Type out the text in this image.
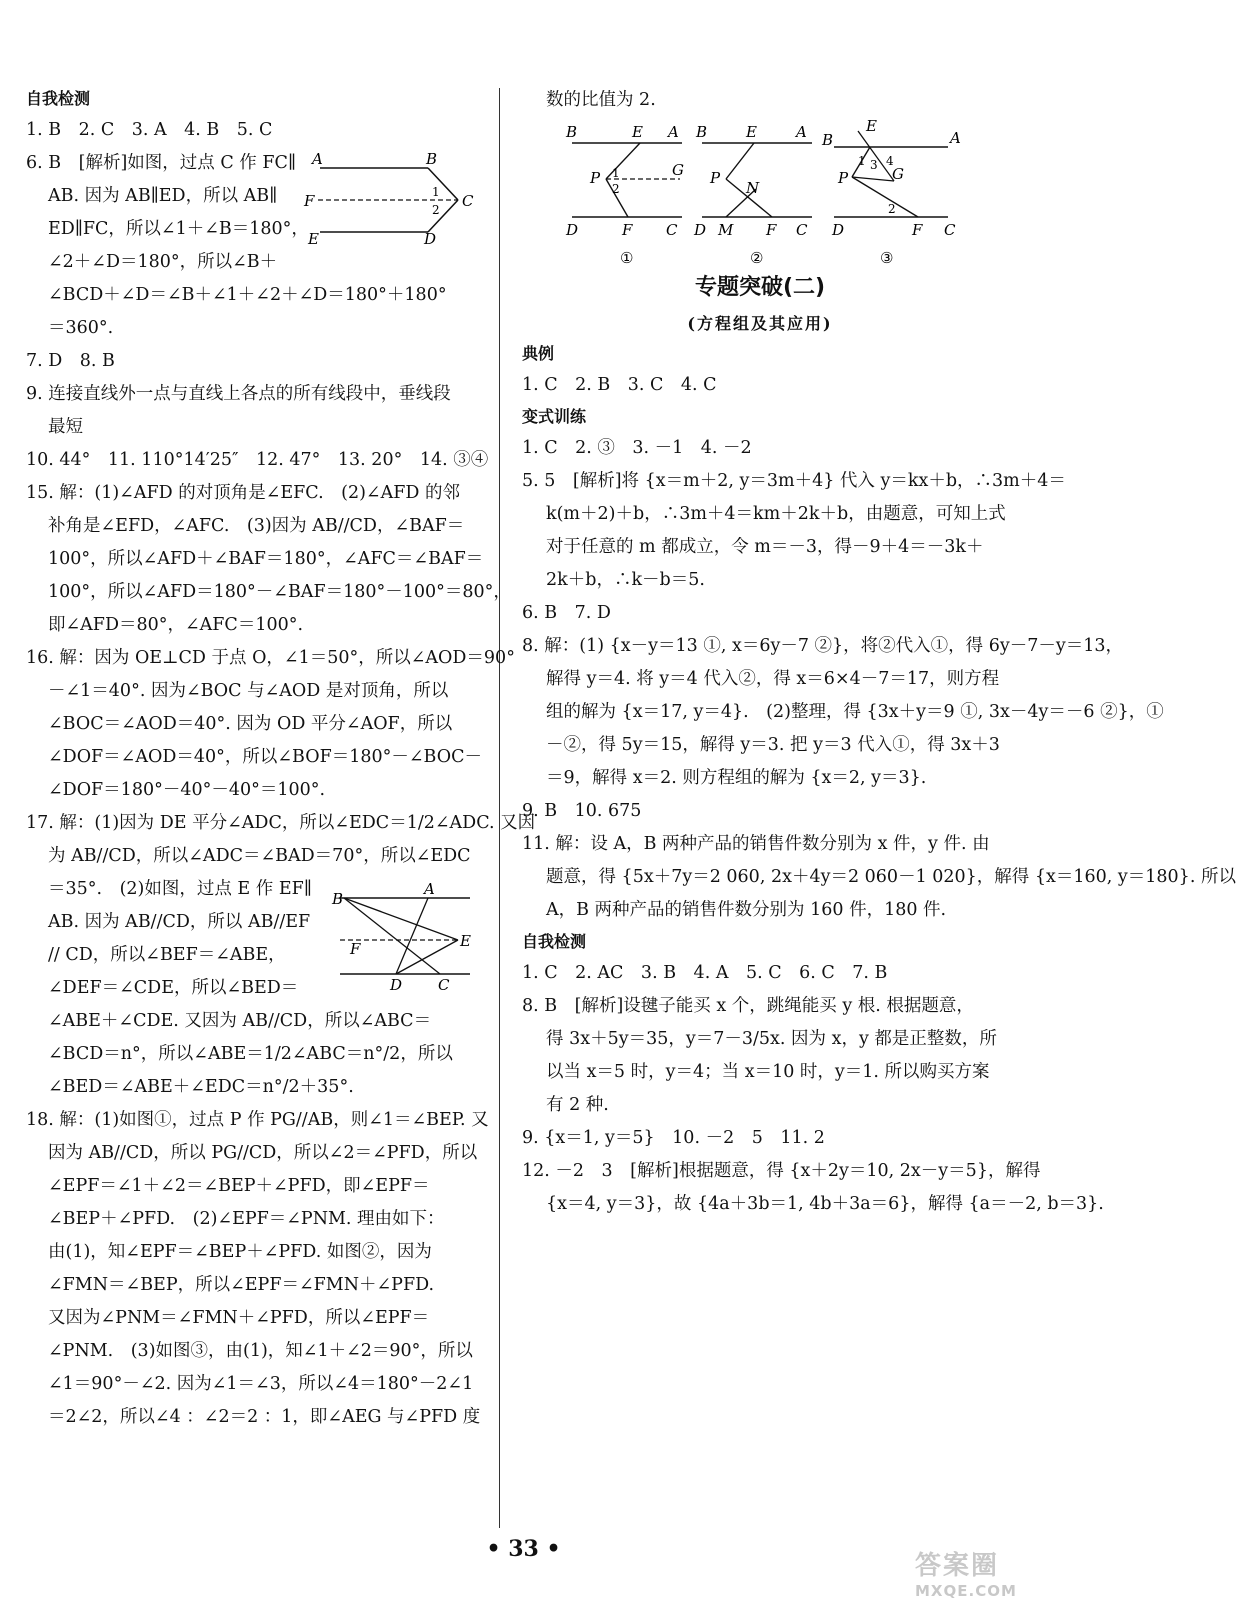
自我检测
1. B　2. C　3. A　4. B　5. C
6. B　[解析]如图，过点 C 作 FC∥
AB. 因为 AB∥ED，所以 AB∥
ED∥FC，所以∠1＋∠B＝180°，
∠2＋∠D＝180°，所以∠B＋
∠BCD＋∠D＝∠B＋∠1＋∠2＋∠D＝180°＋180°
＝360°.
7. D　8. B
9. 连接直线外一点与直线上各点的所有线段中，垂线段
最短
10. 44°　11. 110°14′25″　12. 47°　13. 20°　14. ③④
15. 解：(1)∠AFD 的对顶角是∠EFC.　(2)∠AFD 的邻
补角是∠EFD，∠AFC.　(3)因为 AB//CD，∠BAF＝
100°，所以∠AFD＋∠BAF＝180°，∠AFC＝∠BAF＝
100°，所以∠AFD＝180°－∠BAF＝180°－100°＝80°，
即∠AFD＝80°，∠AFC＝100°.
16. 解：因为 OE⊥CD 于点 O，∠1＝50°，所以∠AOD＝90°
－∠1＝40°. 因为∠BOC 与∠AOD 是对顶角，所以
∠BOC＝∠AOD＝40°. 因为 OD 平分∠AOF，所以
∠DOF＝∠AOD＝40°，所以∠BOF＝180°－∠BOC－
∠DOF＝180°－40°－40°＝100°.
17. 解：(1)因为 DE 平分∠ADC，所以∠EDC＝1/2∠ADC. 又因
为 AB//CD，所以∠ADC＝∠BAD＝70°，所以∠EDC
＝35°.　(2)如图，过点 E 作 EF∥
AB. 因为 AB//CD，所以 AB//EF
// CD，所以∠BEF＝∠ABE，
∠DEF＝∠CDE，所以∠BED＝
∠ABE＋∠CDE. 又因为 AB//CD，所以∠ABC＝
∠BCD＝n°，所以∠ABE＝1/2∠ABC＝n°/2，所以
∠BED＝∠ABE＋∠EDC＝n°/2＋35°.
18. 解：(1)如图①，过点 P 作 PG//AB，则∠1＝∠BEP. 又
因为 AB//CD，所以 PG//CD，所以∠2＝∠PFD，所以
∠EPF＝∠1＋∠2＝∠BEP＋∠PFD，即∠EPF＝
∠BEP＋∠PFD.　(2)∠EPF＝∠PNM. 理由如下：
由(1)，知∠EPF＝∠BEP＋∠PFD. 如图②，因为
∠FMN＝∠BEP，所以∠EPF＝∠FMN＋∠PFD.
又因为∠PNM＝∠FMN＋∠PFD，所以∠EPF＝
∠PNM.　(3)如图③，由(1)，知∠1＋∠2＝90°，所以
∠1＝90°－∠2. 因为∠1＝∠3，所以∠4＝180°－2∠1
＝2∠2，所以∠4 ：∠2＝2 ：1，即∠AEG 与∠PFD 度
A	B
F	C
E	D
1
2
B
A
F	E
D C
数的比值为 2.
B	E A
P	G
1
2
D	F C
①
B	E	A
P
N
D M F C
②
B
E
A
1 3 4
G
P
2
D	F C
③
专题突破(二)
(方程组及其应用)
典例
1. C　2. B　3. C　4. C
变式训练
1. C　2. ③　3. －1　4. －2
5. 5　[解析]将 {x＝m＋2, y＝3m＋4} 代入 y＝kx＋b，∴3m＋4＝
k(m＋2)＋b，∴3m＋4＝km＋2k＋b，由题意，可知上式
对于任意的 m 都成立，令 m＝－3，得－9＋4＝－3k＋
2k＋b，∴k－b＝5.
6. B　7. D
8. 解：(1) {x－y＝13 ①, x＝6y－7 ②}，将②代入①，得 6y－7－y＝13，
解得 y＝4. 将 y＝4 代入②，得 x＝6×4－7＝17，则方程
组的解为 {x＝17, y＝4}.　(2)整理，得 {3x＋y＝9 ①, 3x－4y＝－6 ②}，①
－②，得 5y＝15，解得 y＝3. 把 y＝3 代入①，得 3x＋3
＝9，解得 x＝2. 则方程组的解为 {x＝2, y＝3}.
9. B　10. 675
11. 解：设 A，B 两种产品的销售件数分别为 x 件，y 件. 由
题意，得 {5x＋7y＝2 060, 2x＋4y＝2 060－1 020}，解得 {x＝160, y＝180}. 所以
A，B 两种产品的销售件数分别为 160 件，180 件.
自我检测
1. C　2. AC　3. B　4. A　5. C　6. C　7. B
8. B　[解析]设毽子能买 x 个，跳绳能买 y 根. 根据题意，
得 3x＋5y＝35，y＝7－3/5x. 因为 x，y 都是正整数，所
以当 x＝5 时，y＝4；当 x＝10 时，y＝1. 所以购买方案
有 2 种.
9. {x＝1, y＝5}　10. －2　5　11. 2
12. －2　3　[解析]根据题意，得 {x＋2y＝10, 2x－y＝5}，解得
{x＝4, y＝3}，故 {4a＋3b＝1, 4b＋3a＝6}，解得 {a＝－2, b＝3}.
• 33 •
答案圈
MXQE.COM
